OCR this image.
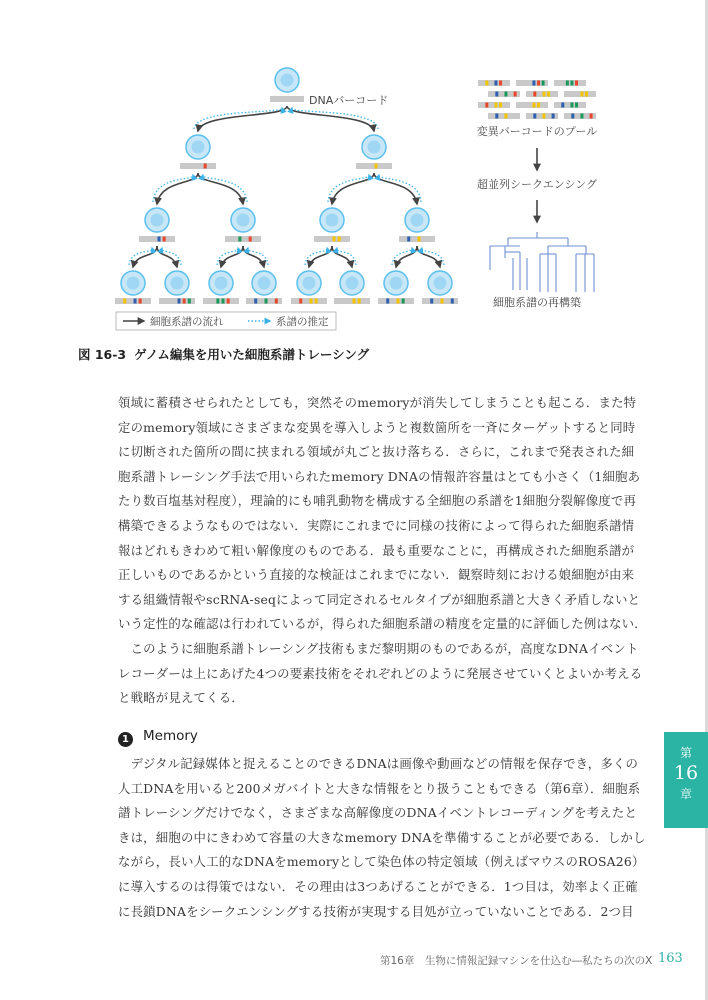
DNAバーコード
変異バーコードのプール
超並列シークエンシング
細胞系譜の再構築
細胞系譜の流れ	系譜の推定
図 16-3 ゲノム編集を用いた細胞系譜トレーシング
領域に蓄積させられたとしても，突然そのmemoryが消失してしまうことも起こる．また特
定のmemory領域にさまざまな変異を導入しようと複数箇所を一斉にターゲットすると同時
に切断された箇所の間に挟まれる領域が丸ごと抜け落ちる．さらに，これまで発表された細
胞系譜トレーシング手法で用いられたmemory DNAの情報許容量はとても小さく（1細胞あ
たり数百塩基対程度），理論的にも哺乳動物を構成する全細胞の系譜を1細胞分裂解像度で再
構築できるようなものではない．実際にこれまでに同様の技術によって得られた細胞系譜情
報はどれもきわめて粗い解像度のものである．最も重要なことに，再構成された細胞系譜が
正しいものであるかという直接的な検証はこれまでにない．観察時刻における娘細胞が由来
する組織情報やscRNA-seqによって同定されるセルタイプが細胞系譜と大きく矛盾しないと
いう定性的な確認は行われているが，得られた細胞系譜の精度を定量的に評価した例はない．
　このように細胞系譜トレーシング技術もまだ黎明期のものであるが，高度なDNAイベント
レコーダーは上にあげた4つの要素技術をそれぞれどのように発展させていくとよいか考える
と戦略が見えてくる．
1 Memory
　デジタル記録媒体と捉えることのできるDNAは画像や動画などの情報を保存でき，多くの
人工DNAを用いると200メガバイトと大きな情報をとり扱うこともできる（第6章）．細胞系
譜トレーシングだけでなく，さまざまな高解像度のDNAイベントレコーディングを考えたと
きは，細胞の中にきわめて容量の大きなmemory DNAを準備することが必要である．しかし
ながら，長い人工的なDNAをmemoryとして染色体の特定領域（例えばマウスのROSA26）
に導入するのは得策ではない．その理由は3つあげることができる．1つ目は，効率よく正確
に長鎖DNAをシークエンシングする技術が実現する目処が立っていないことである．2つ目
第
16
章
第16章　生物に情報記録マシンを仕込む―私たちの次のX 163
